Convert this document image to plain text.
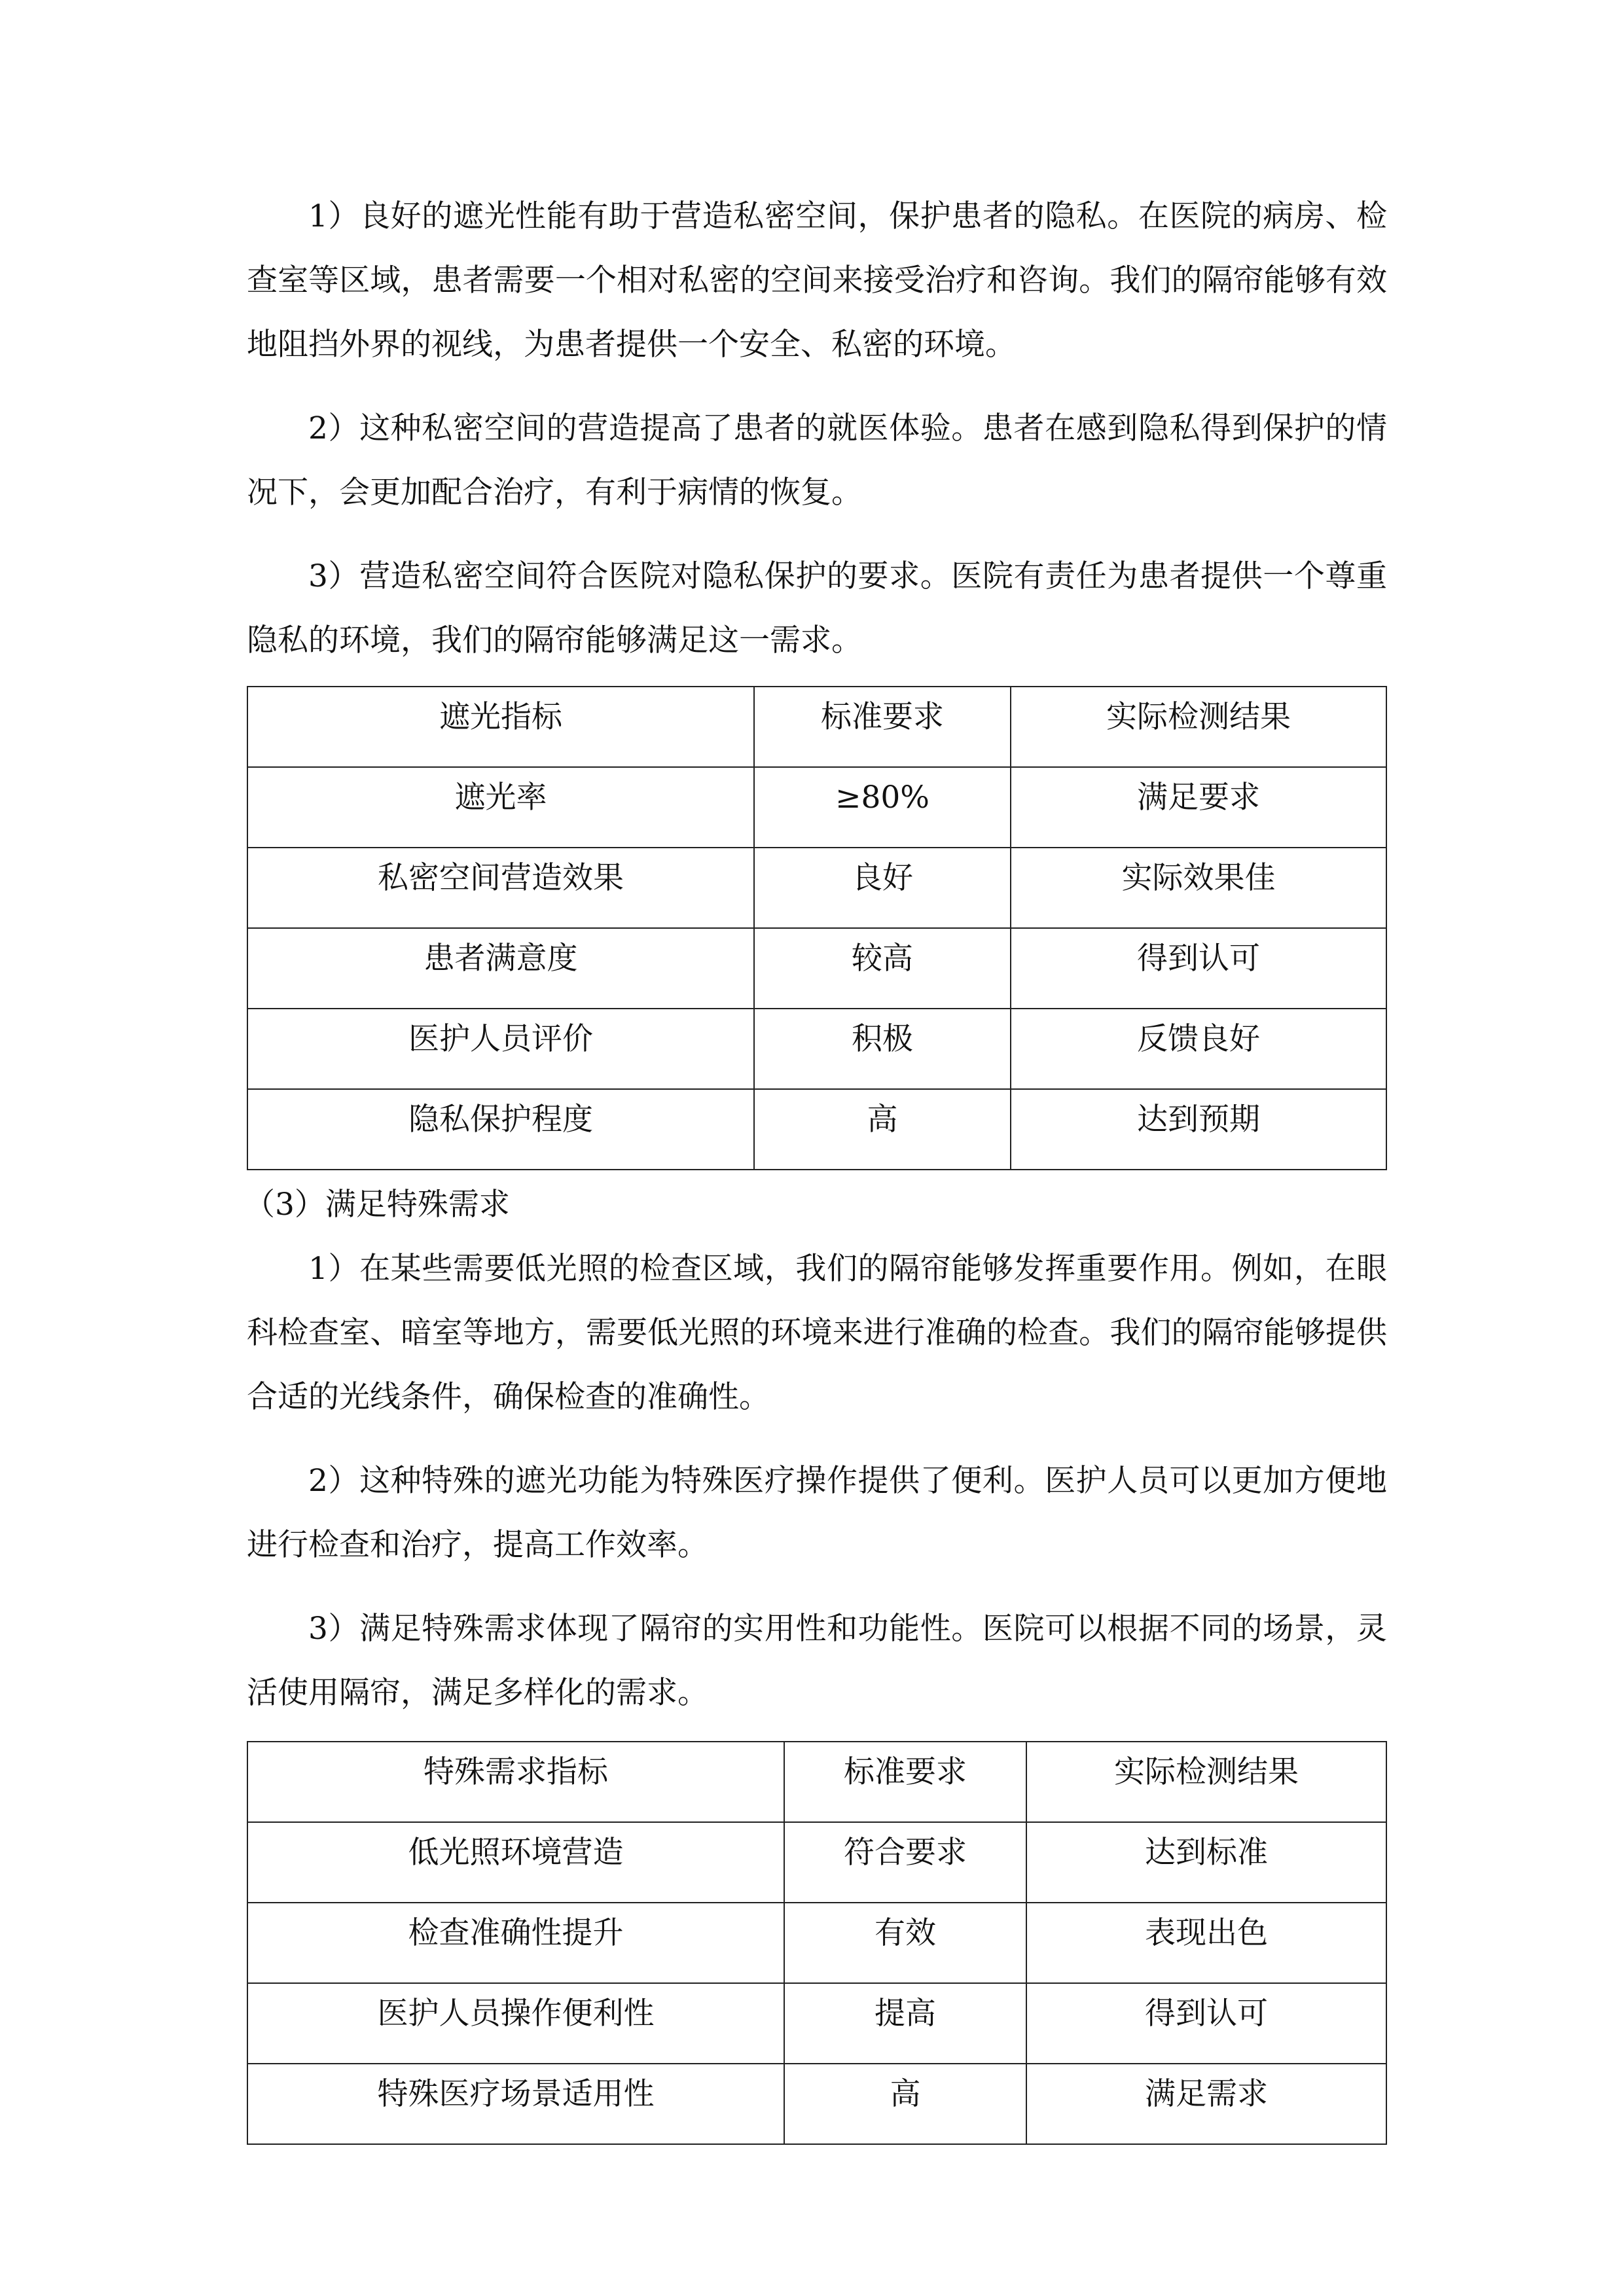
1）良好的遮光性能有助于营造私密空间，保护患者的隐私。在医院的病房、检查室等区域，患者需要一个相对私密的空间来接受治疗和咨询。我们的隔帘能够有效地阻挡外界的视线，为患者提供一个安全、私密的环境。

2）这种私密空间的营造提高了患者的就医体验。患者在感到隐私得到保护的情况下，会更加配合治疗，有利于病情的恢复。

3）营造私密空间符合医院对隐私保护的要求。医院有责任为患者提供一个尊重隐私的环境，我们的隔帘能够满足这一需求。

遮光指标	标准要求	实际检测结果
遮光率	≥80%	满足要求
私密空间营造效果	良好	实际效果佳
患者满意度	较高	得到认可
医护人员评价	积极	反馈良好
隐私保护程度	高	达到预期

（3）满足特殊需求

1）在某些需要低光照的检查区域，我们的隔帘能够发挥重要作用。例如，在眼科检查室、暗室等地方，需要低光照的环境来进行准确的检查。我们的隔帘能够提供合适的光线条件，确保检查的准确性。

2）这种特殊的遮光功能为特殊医疗操作提供了便利。医护人员可以更加方便地进行检查和治疗，提高工作效率。

3）满足特殊需求体现了隔帘的实用性和功能性。医院可以根据不同的场景，灵活使用隔帘，满足多样化的需求。

特殊需求指标	标准要求	实际检测结果
低光照环境营造	符合要求	达到标准
检查准确性提升	有效	表现出色
医护人员操作便利性	提高	得到认可
特殊医疗场景适用性	高	满足需求
